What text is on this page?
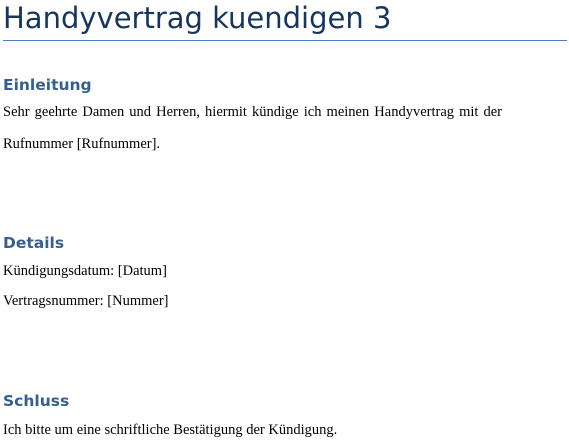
Handyvertrag kuendigen 3
Einleitung

Sehr geehrte Damen und Herren, hiermit kündige ich meinen Handyvertrag mit der

Rufnummer [Rufnummer].

Details

Kündigungsdatum: [Datum]

Vertragsnummer: [Nummer]

Schluss

Ich bitte um eine schriftliche Bestätigung der Kündigung.
